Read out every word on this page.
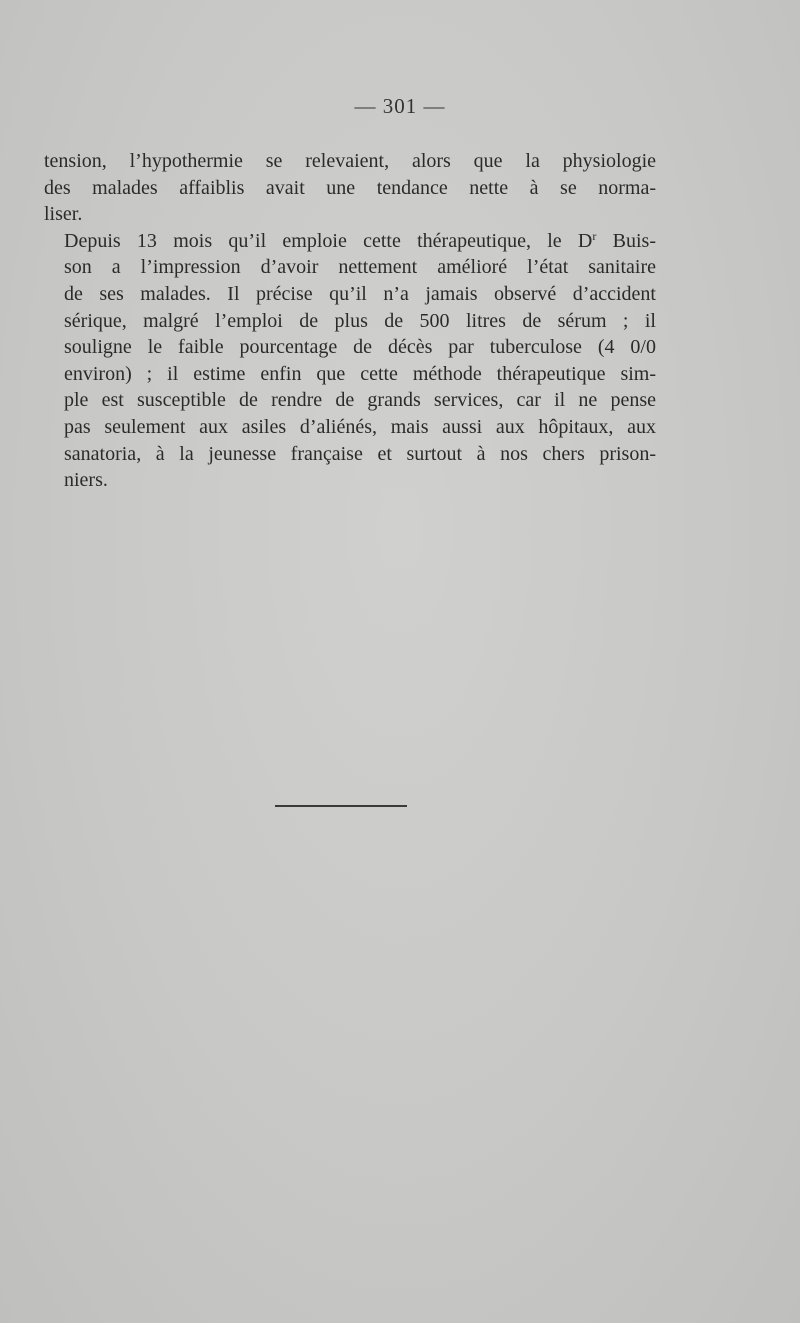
— 301 —

tension, l’hypothermie se relevaient, alors que la physiologie
des malades affaiblis avait une tendance nette à se norma-
liser.

Depuis 13 mois qu’il emploie cette thérapeutique, le $D^r$ Buis-
son a l’impression d’avoir nettement amélioré l’état sanitaire
de ses malades. Il précise qu’il n’a jamais observé d’accident
sérique, malgré l’emploi de plus de 500 litres de sérum ; il
souligne le faible pourcentage de décès par tuberculose (4 0/0
environ) ; il estime enfin que cette méthode thérapeutique sim-
ple est susceptible de rendre de grands services, car il ne pense
pas seulement aux asiles d’aliénés, mais aussi aux hôpitaux, aux
sanatoria, à la jeunesse française et surtout à nos chers prison-
niers.
